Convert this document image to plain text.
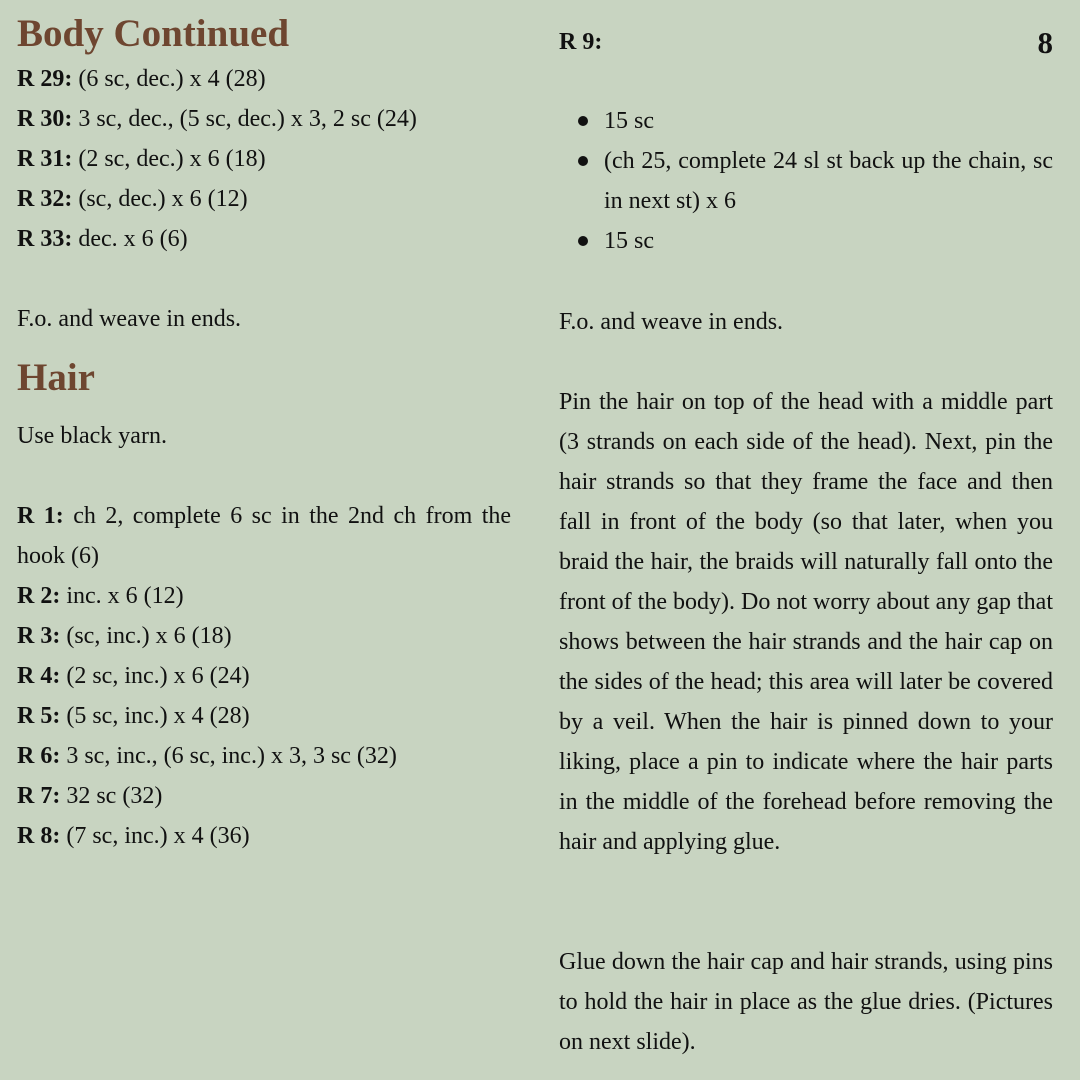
Body Continued
R 29: (6 sc, dec.) x 4 (28)
R 30: 3 sc, dec., (5 sc, dec.) x 3, 2 sc (24)
R 31: (2 sc, dec.) x 6 (18)
R 32: (sc, dec.) x 6 (12)
R 33: dec. x 6 (6)
F.o. and weave in ends.
Hair
Use black yarn.

R 1: ch 2, complete 6 sc in the 2nd ch from the hook (6)

R 2: inc. x 6 (12)
R 3: (sc, inc.) x 6 (18)
R 4: (2 sc, inc.) x 6 (24)
R 5: (5 sc, inc.) x 4 (28)
R 6: 3 sc, inc., (6 sc, inc.) x 3, 3 sc (32)
R 7: 32 sc (32)
R 8: (7 sc, inc.) x 4 (36)
R 9:

15 sc

(ch 25, complete 24 sl st back up the chain, sc in next st) x 6

15 sc

F.o. and weave in ends.

Pin the hair on top of the head with a middle part (3 strands on each side of the head). Next, pin the hair strands so that they frame the face and then fall in front of the body (so that later, when you braid the hair, the braids will naturally fall onto the front of the body). Do not worry about any gap that shows between the hair strands and the hair cap on the sides of the head; this area will later be covered by a veil. When the hair is pinned down to your liking, place a pin to indicate where the hair parts in the middle of the forehead before removing the hair and applying glue.

Glue down the hair cap and hair strands, using pins to hold the hair in place as the glue dries. (Pictures on next slide).

8
